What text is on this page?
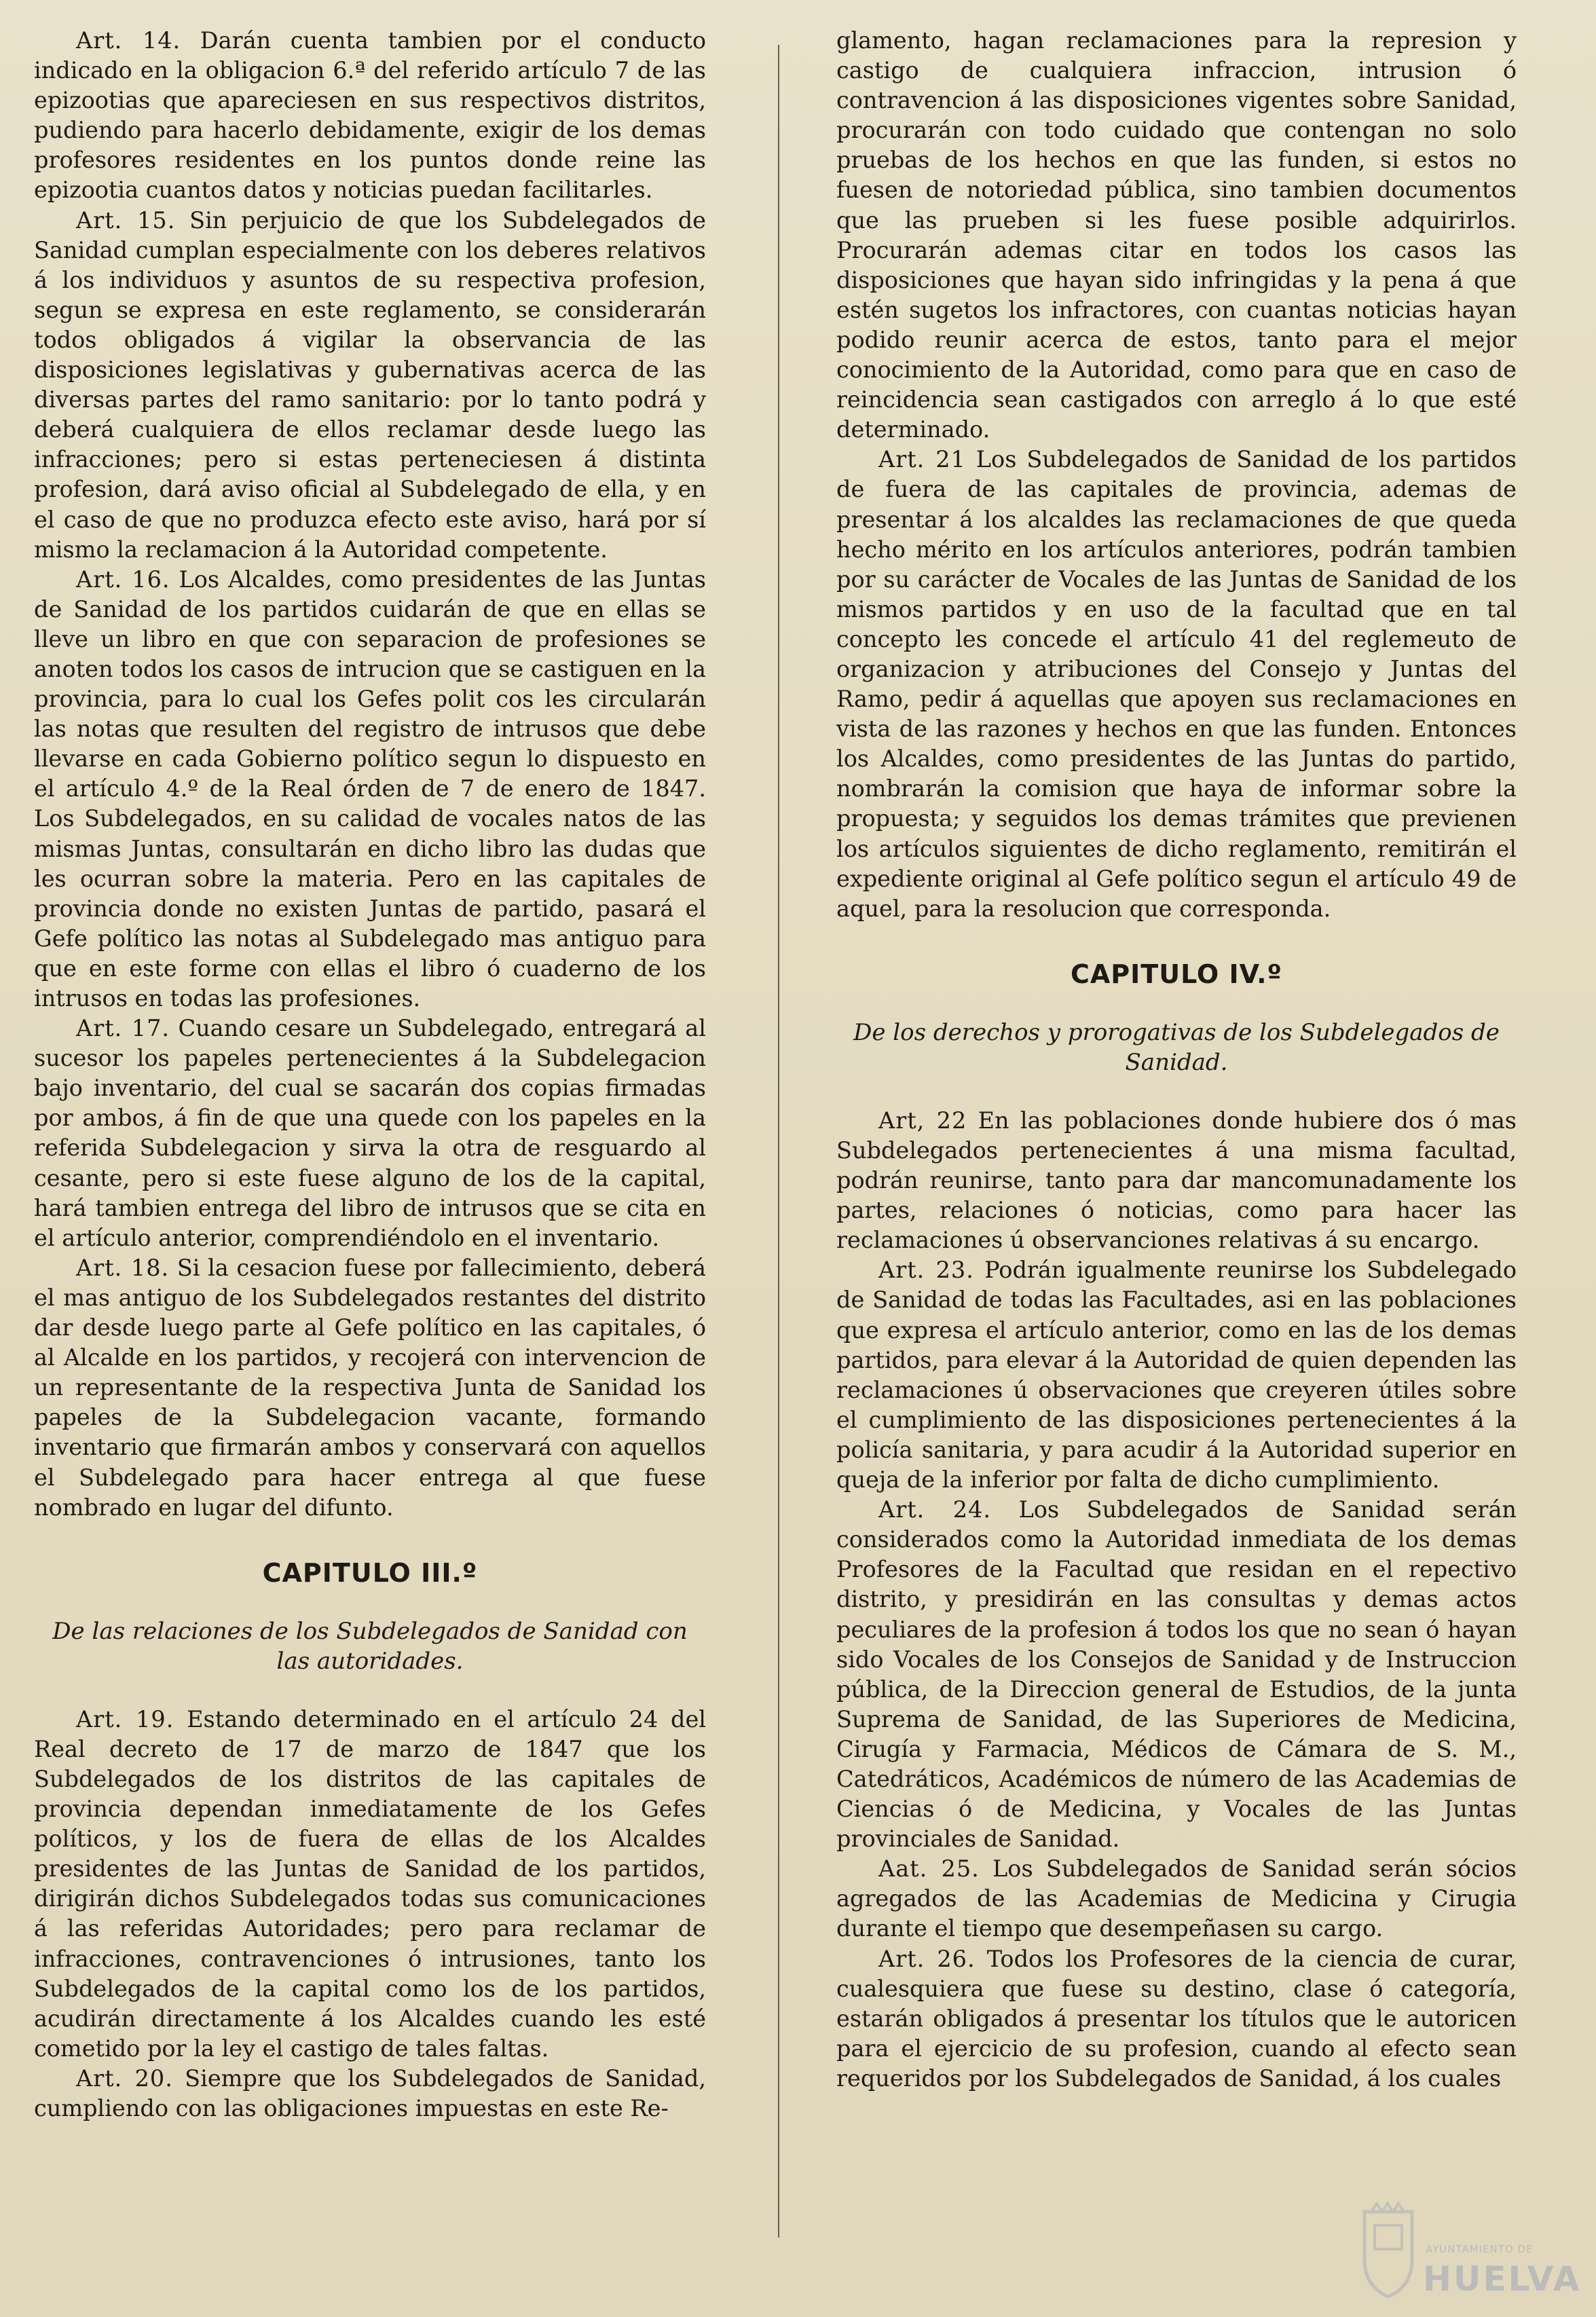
Art. 14. Darán cuenta tambien por el conducto indicado en la obligacion 6.ª del referido artículo 7 de las epizootias que apareciesen en sus respectivos distritos, pudiendo para hacerlo debidamente, exigir de los demas profesores residentes en los puntos donde reine las epizootia cuantos datos y noticias puedan facilitarles.

Art. 15. Sin perjuicio de que los Subdelegados de Sanidad cumplan especialmente con los deberes relativos á los individuos y asuntos de su respectiva profesion, segun se expresa en este reglamento, se considerarán todos obligados á vigilar la observancia de las disposiciones legislativas y gubernativas acerca de las diversas partes del ramo sanitario: por lo tanto podrá y deberá cualquiera de ellos reclamar desde luego las infracciones; pero si estas perteneciesen á distinta profesion, dará aviso oficial al Subdelegado de ella, y en el caso de que no produzca efecto este aviso, hará por sí mismo la reclamacion á la Autoridad competente.

Art. 16. Los Alcaldes, como presidentes de las Juntas de Sanidad de los partidos cuidarán de que en ellas se lleve un libro en que con separacion de profesiones se anoten todos los casos de intrucion que se castiguen en la provincia, para lo cual los Gefes polit cos les circularán las notas que resulten del registro de intrusos que debe llevarse en cada Gobierno político segun lo dispuesto en el artículo 4.º de la Real órden de 7 de enero de 1847. Los Subdelegados, en su calidad de vocales natos de las mismas Juntas, consultarán en dicho libro las dudas que les ocurran sobre la materia. Pero en las capitales de provincia donde no existen Juntas de partido, pasará el Gefe político las notas al Subdelegado mas antiguo para que en este forme con ellas el libro ó cuaderno de los intrusos en todas las profesiones.

Art. 17. Cuando cesare un Subdelegado, entregará al sucesor los papeles pertenecientes á la Subdelegacion bajo inventario, del cual se sacarán dos copias firmadas por ambos, á fin de que una quede con los papeles en la referida Subdelegacion y sirva la otra de resguardo al cesante, pero si este fuese alguno de los de la capital, hará tambien entrega del libro de intrusos que se cita en el artículo anterior, comprendiéndolo en el inventario.

Art. 18. Si la cesacion fuese por fallecimiento, deberá el mas antiguo de los Subdelegados restantes del distrito dar desde luego parte al Gefe político en las capitales, ó al Alcalde en los partidos, y recojerá con intervencion de un representante de la respectiva Junta de Sanidad los papeles de la Subdelegacion vacante, formando inventario que firmarán ambos y conservará con aquellos el Subdelegado para hacer entrega al que fuese nombrado en lugar del difunto.

CAPITULO III.º
De las relaciones de los Subdelegados de Sanidad con las autoridades.

Art. 19. Estando determinado en el artículo 24 del Real decreto de 17 de marzo de 1847 que los Subdelegados de los distritos de las capitales de provincia dependan inmediatamente de los Gefes políticos, y los de fuera de ellas de los Alcaldes presidentes de las Juntas de Sanidad de los partidos, dirigirán dichos Subdelegados todas sus comunicaciones á las referidas Autoridades; pero para reclamar de infracciones, contravenciones ó intrusiones, tanto los Subdelegados de la capital como los de los partidos, acudirán directamente á los Alcaldes cuando les esté cometido por la ley el castigo de tales faltas.

Art. 20. Siempre que los Subdelegados de Sanidad, cumpliendo con las obligaciones impuestas en este Re-

glamento, hagan reclamaciones para la represion y castigo de cualquiera infraccion, intrusion ó contravencion á las disposiciones vigentes sobre Sanidad, procurarán con todo cuidado que contengan no solo pruebas de los hechos en que las funden, si estos no fuesen de notoriedad pública, sino tambien documentos que las prueben si les fuese posible adquirirlos. Procurarán ademas citar en todos los casos las disposiciones que hayan sido infringidas y la pena á que estén sugetos los infractores, con cuantas noticias hayan podido reunir acerca de estos, tanto para el mejor conocimiento de la Autoridad, como para que en caso de reincidencia sean castigados con arreglo á lo que esté determinado.

Art. 21 Los Subdelegados de Sanidad de los partidos de fuera de las capitales de provincia, ademas de presentar á los alcaldes las reclamaciones de que queda hecho mérito en los artículos anteriores, podrán tambien por su carácter de Vocales de las Juntas de Sanidad de los mismos partidos y en uso de la facultad que en tal concepto les concede el artículo 41 del reglemeuto de organizacion y atribuciones del Consejo y Juntas del Ramo, pedir á aquellas que apoyen sus reclamaciones en vista de las razones y hechos en que las funden. Entonces los Alcaldes, como presidentes de las Juntas do partido, nombrarán la comision que haya de informar sobre la propuesta; y seguidos los demas trámites que previenen los artículos siguientes de dicho reglamento, remitirán el expediente original al Gefe político segun el artículo 49 de aquel, para la resolucion que corresponda.

CAPITULO IV.º
De los derechos y prorogativas de los Subdelegados de Sanidad.

Art, 22 En las poblaciones donde hubiere dos ó mas Subdelegados pertenecientes á una misma facultad, podrán reunirse, tanto para dar mancomunadamente los partes, relaciones ó noticias, como para hacer las reclamaciones ú observanciones relativas á su encargo.

Art. 23. Podrán igualmente reunirse los Subdelegado de Sanidad de todas las Facultades, asi en las poblaciones que expresa el artículo anterior, como en las de los demas partidos, para elevar á la Autoridad de quien dependen las reclamaciones ú observaciones que creyeren útiles sobre el cumplimiento de las disposiciones pertenecientes á la policía sanitaria, y para acudir á la Autoridad superior en queja de la inferior por falta de dicho cumplimiento.

Art. 24. Los Subdelegados de Sanidad serán considerados como la Autoridad inmediata de los demas Profesores de la Facultad que residan en el repectivo distrito, y presidirán en las consultas y demas actos peculiares de la profesion á todos los que no sean ó hayan sido Vocales de los Consejos de Sanidad y de Instruccion pública, de la Direccion general de Estudios, de la junta Suprema de Sanidad, de las Superiores de Medicina, Cirugía y Farmacia, Médicos de Cámara de S. M., Catedráticos, Académicos de número de las Academias de Ciencias ó de Medicina, y Vocales de las Juntas provinciales de Sanidad.

Aat. 25. Los Subdelegados de Sanidad serán sócios agregados de las Academias de Medicina y Cirugia durante el tiempo que desempeñasen su cargo.

Art. 26. Todos los Profesores de la ciencia de curar, cualesquiera que fuese su destino, clase ó categoría, estarán obligados á presentar los títulos que le autoricen para el ejercicio de su profesion, cuando al efecto sean requeridos por los Subdelegados de Sanidad, á los cuales

AYUNTAMIENTO DE
HUELVA
